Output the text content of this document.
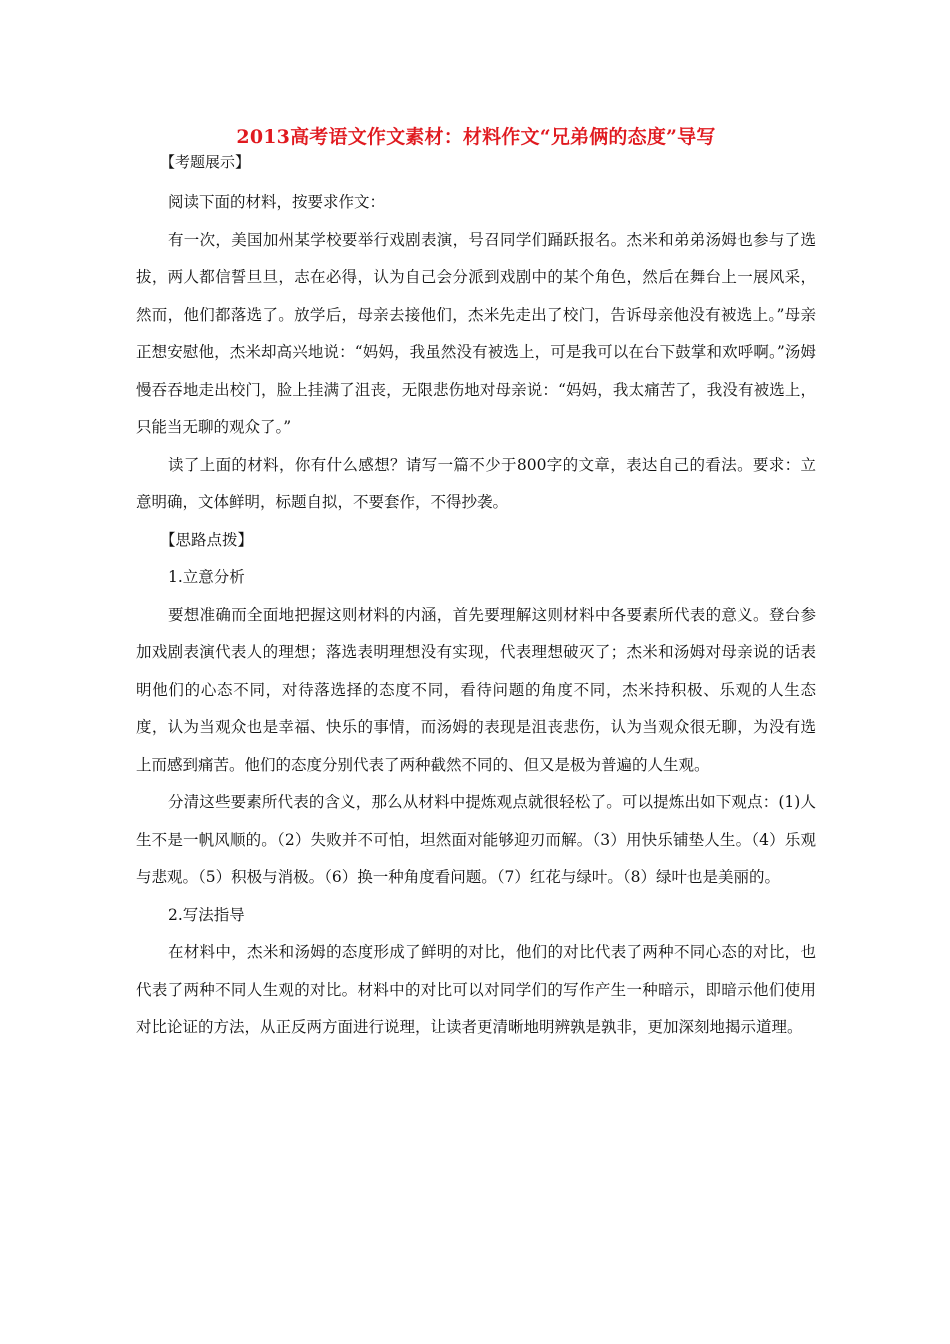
2013高考语文作文素材：材料作文“兄弟俩的态度”导写
【考题展示】

阅读下面的材料，按要求作文：

有一次，美国加州某学校要举行戏剧表演，号召同学们踊跃报名。杰米和弟弟汤姆也参与了选拔，两人都信誓旦旦，志在必得，认为自己会分派到戏剧中的某个角色，然后在舞台上一展风采，然而，他们都落选了。放学后，母亲去接他们，杰米先走出了校门，告诉母亲他没有被选上。”母亲正想安慰他，杰米却高兴地说：“妈妈，我虽然没有被选上，可是我可以在台下鼓掌和欢呼啊。”汤姆慢吞吞地走出校门，脸上挂满了沮丧，无限悲伤地对母亲说：“妈妈，我太痛苦了，我没有被选上，只能当无聊的观众了。”

读了上面的材料，你有什么感想？请写一篇不少于800字的文章，表达自己的看法。要求：立意明确，文体鲜明，标题自拟，不要套作，不得抄袭。

【思路点拨】
1.立意分析

要想准确而全面地把握这则材料的内涵，首先要理解这则材料中各要素所代表的意义。登台参加戏剧表演代表人的理想；落选表明理想没有实现，代表理想破灭了；杰米和汤姆对母亲说的话表明他们的心态不同，对待落选择的态度不同，看待问题的角度不同，杰米持积极、乐观的人生态度，认为当观众也是幸福、快乐的事情，而汤姆的表现是沮丧悲伤，认为当观众很无聊，为没有选上而感到痛苦。他们的态度分别代表了两种截然不同的、但又是极为普遍的人生观。

分清这些要素所代表的含义，那么从材料中提炼观点就很轻松了。可以提炼出如下观点：(1)人生不是一帆风顺的。（2）失败并不可怕，坦然面对能够迎刃而解。（3）用快乐铺垫人生。（4）乐观与悲观。（5）积极与消极。（6）换一种角度看问题。（7）红花与绿叶。（8）绿叶也是美丽的。

2.写法指导

在材料中，杰米和汤姆的态度形成了鲜明的对比，他们的对比代表了两种不同心态的对比，也代表了两种不同人生观的对比。材料中的对比可以对同学们的写作产生一种暗示，即暗示他们使用对比论证的方法，从正反两方面进行说理，让读者更清晰地明辨孰是孰非，更加深刻地揭示道理。
